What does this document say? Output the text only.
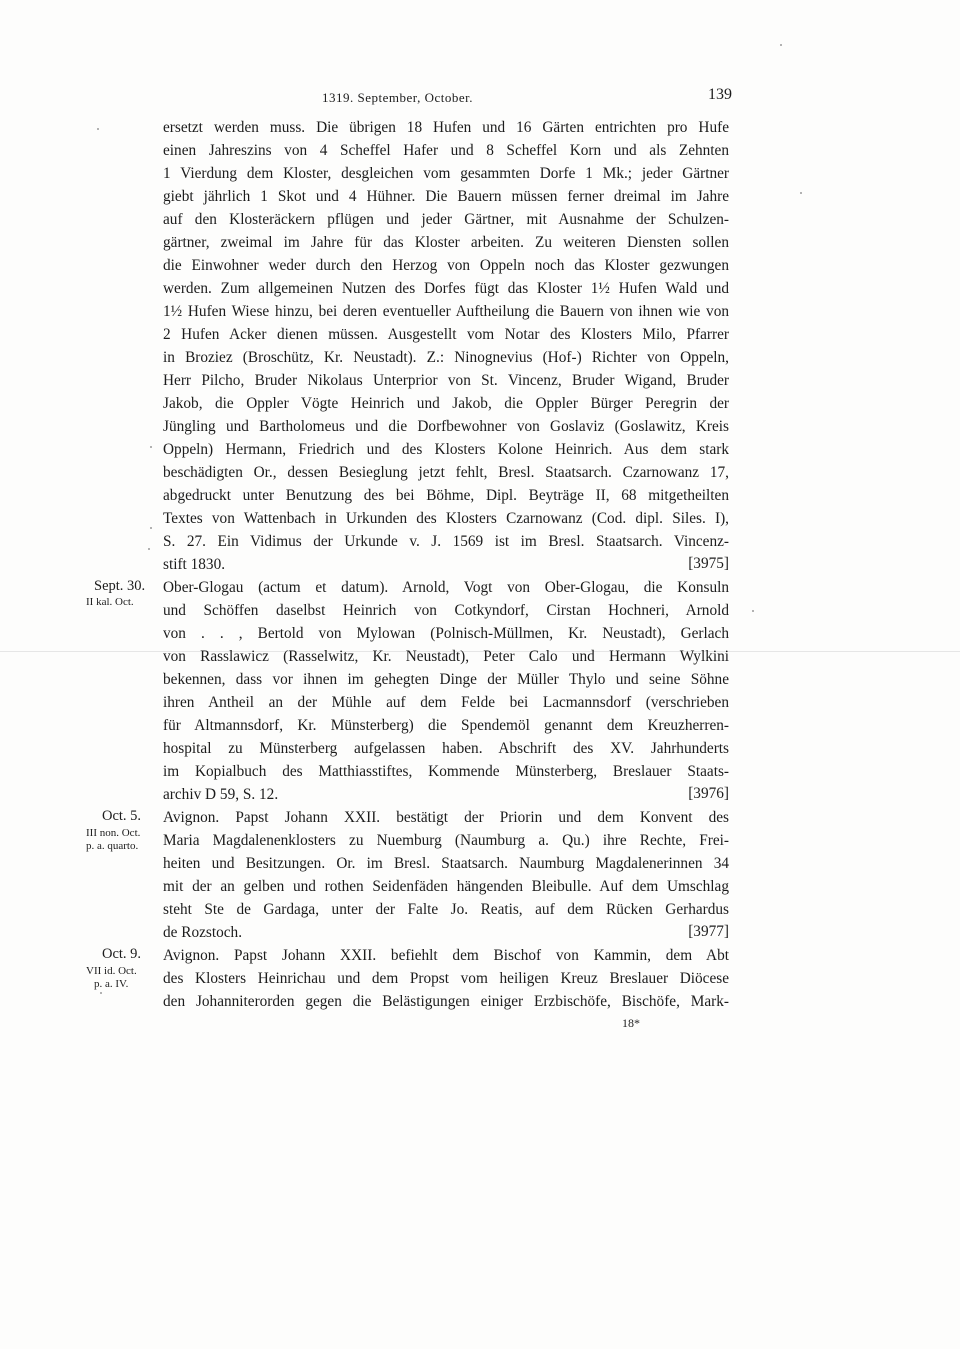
1319. September, October.	139
ersetzt werden muss. Die übrigen 18 Hufen und 16 Gärten entrichten pro Hufe
einen Jahreszins von 4 Scheffel Hafer und 8 Scheffel Korn und als Zehnten
1 Vierdung dem Kloster, desgleichen vom gesammten Dorfe 1 Mk.; jeder Gärtner
giebt jährlich 1 Skot und 4 Hühner. Die Bauern müssen ferner dreimal im Jahre
auf den Klosteräckern pflügen und jeder Gärtner, mit Ausnahme der Schulzen-
gärtner, zweimal im Jahre für das Kloster arbeiten. Zu weiteren Diensten sollen
die Einwohner weder durch den Herzog von Oppeln noch das Kloster gezwungen
werden. Zum allgemeinen Nutzen des Dorfes fügt das Kloster 1½ Hufen Wald und
1½ Hufen Wiese hinzu, bei deren eventueller Auftheilung die Bauern von ihnen wie von
2 Hufen Acker dienen müssen. Ausgestellt vom Notar des Klosters Milo, Pfarrer
in Broziez (Broschütz, Kr. Neustadt). Z.: Ninognevius (Hof-) Richter von Oppeln,
Herr Pilcho, Bruder Nikolaus Unterprior von St. Vincenz, Bruder Wigand, Bruder
Jakob, die Oppler Vögte Heinrich und Jakob, die Oppler Bürger Peregrin der
Jüngling und Bartholomeus und die Dorfbewohner von Goslaviz (Goslawitz, Kreis
Oppeln) Hermann, Friedrich und des Klosters Kolone Heinrich. Aus dem stark
beschädigten Or., dessen Besieglung jetzt fehlt, Bresl. Staatsarch. Czarnowanz 17,
abgedruckt unter Benutzung des bei Böhme, Dipl. Beyträge II, 68 mitgetheilten
Textes von Wattenbach in Urkunden des Klosters Czarnowanz (Cod. dipl. Siles. I),
S. 27. Ein Vidimus der Urkunde v. J. 1569 ist im Bresl. Staatsarch. Vincenz-
stift 1830.	[3975]
Sept. 30.
II kal. Oct.
Ober-Glogau (actum et datum). Arnold, Vogt von Ober-Glogau, die Konsuln
und Schöffen daselbst Heinrich von Cotkyndorf, Cirstan Hochneri, Arnold
von . . , Bertold von Mylowan (Polnisch-Müllmen, Kr. Neustadt), Gerlach
von Rasslawicz (Rasselwitz, Kr. Neustadt), Peter Calo und Hermann Wylkini
bekennen, dass vor ihnen im gehegten Dinge der Müller Thylo und seine Söhne
ihren Antheil an der Mühle auf dem Felde bei Lacmannsdorf (verschrieben
für Altmannsdorf, Kr. Münsterberg) die Spendemöl genannt dem Kreuzherren-
hospital zu Münsterberg aufgelassen haben. Abschrift des XV. Jahrhunderts
im Kopialbuch des Matthiasstiftes, Kommende Münsterberg, Breslauer Staats-
archiv D 59, S. 12.	[3976]
Oct. 5.
III non. Oct.
p. a. quarto.
Avignon. Papst Johann XXII. bestätigt der Priorin und dem Konvent des
Maria Magdalenenklosters zu Nuemburg (Naumburg a. Qu.) ihre Rechte, Frei-
heiten und Besitzungen. Or. im Bresl. Staatsarch. Naumburg Magdalenerinnen 34
mit der an gelben und rothen Seidenfäden hängenden Bleibulle. Auf dem Umschlag
steht Ste de Gardaga, unter der Falte Jo. Reatis, auf dem Rücken Gerhardus
de Rozstoch.	[3977]
Oct. 9.
VII id. Oct.
p. a. IV.
Avignon. Papst Johann XXII. befiehlt dem Bischof von Kammin, dem Abt
des Klosters Heinrichau und dem Propst vom heiligen Kreuz Breslauer Diöcese
den Johanniterorden gegen die Belästigungen einiger Erzbischöfe, Bischöfe, Mark-
18*
